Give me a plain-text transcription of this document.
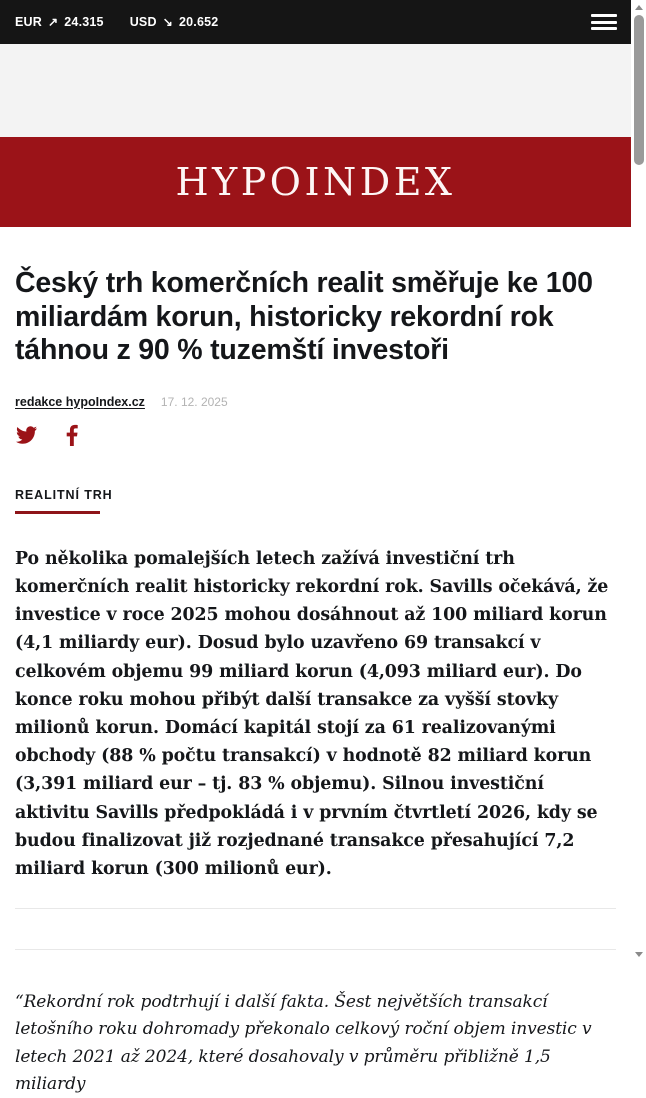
EUR ↗ 24.315 USD ↘ 20.652
HYPOINDEX
Český trh komerčních realit směřuje ke 100 miliardám korun, historicky rekordní rok táhnou z 90 % tuzemští investoři
redakce hypoIndex.cz 17. 12. 2025
REALITNÍ TRH

Po několika pomalejších letech zažívá investiční trh komerčních realit historicky rekordní rok. Savills očekává, že investice v roce 2025 mohou dosáhnout až 100 miliard korun (4,1 miliardy eur). Dosud bylo uzavřeno 69 transakcí v celkovém objemu 99 miliard korun (4,093 miliard eur). Do konce roku mohou přibýt další transakce za vyšší stovky milionů korun. Domácí kapitál stojí za 61 realizovanými obchody (88 % počtu transakcí) v hodnotě 82 miliard korun (3,391 miliard eur – tj. 83 % objemu). Silnou investiční aktivitu Savills předpokládá i v prvním čtvrtletí 2026, kdy se budou finalizovat již rozjednané transakce přesahující 7,2 miliard korun (300 milionů eur).

“Rekordní rok podtrhují i další fakta. Šest největších transakcí letošního roku dohromady překonalo celkový roční objem investic v letech 2021 až 2024, které dosahovaly v průměru přibližně 1,5 miliardy
